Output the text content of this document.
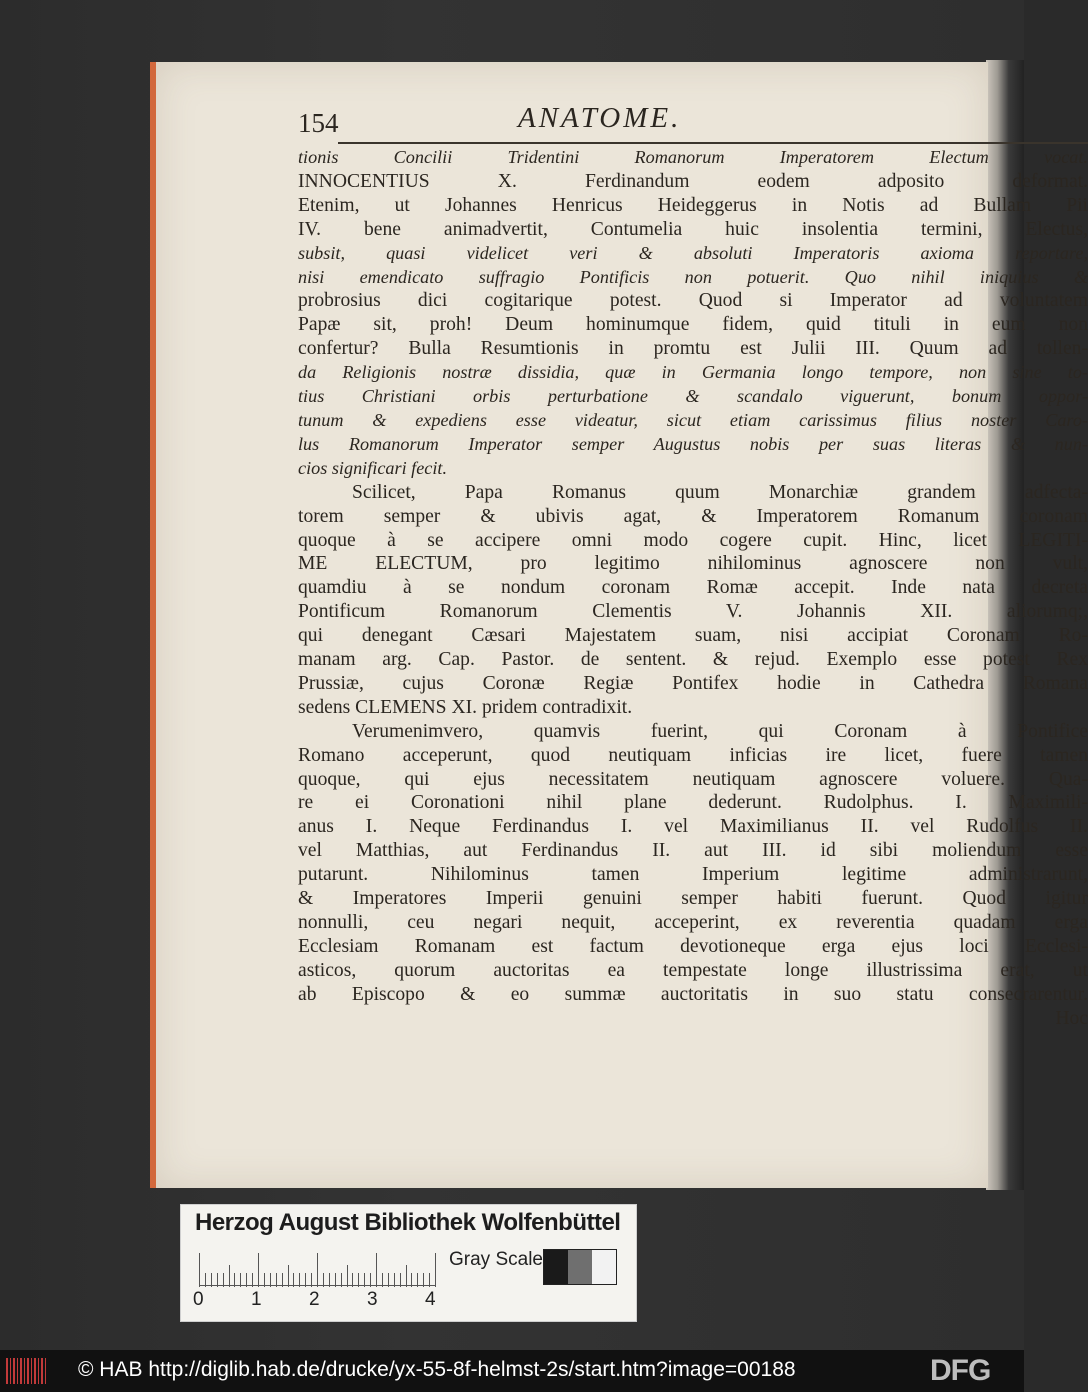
154	ANATOME.
tionis Concilii Tridentini Romanorum Imperatorem Electum vocat.
INNOCENTIUS X. Ferdinandum eodem adposito deformat.
Etenim, ut Johannes Henricus Heideggerus in Notis ad Bullam Pii
IV. bene animadvertit, Contumelia huic insolentia termini, Electus,
subsit, quasi videlicet veri & absoluti Imperatoris axioma reportare,
nisi emendicato suffragio Pontificis non potuerit. Quo nihil iniquius &
probrosius dici cogitarique potest. Quod si Imperator ad voluntatem
Papæ sit, proh! Deum hominumque fidem, quid tituli in eum non
confertur? Bulla Resumtionis in promtu est Julii III. Quum ad tollen-
da Religionis nostræ dissidia, quæ in Germania longo tempore, non sine to-
tius Christiani orbis perturbatione & scandalo viguerunt, bonum oppor-
tunum & expediens esse videatur, sicut etiam carissimus filius noster Caro-
lus Romanorum Imperator semper Augustus nobis per suas literas & nun-
cios significari fecit.
Scilicet, Papa Romanus quum Monarchiæ grandem adfecta-
torem semper & ubivis agat, & Imperatorem Romanum coronam
quoque à se accipere omni modo cogere cupit. Hinc, licet LEGITI-
ME ELECTUM, pro legitimo nihilominus agnoscere non vult,
quamdiu à se nondum coronam Romæ accepit. Inde nata decreta
Pontificum Romanorum Clementis V. Johannis XII. aliorumq;,
qui denegant Cæsari Majestatem suam, nisi accipiat Coronam Ro-
manam arg. Cap. Pastor. de sentent. & rejud. Exemplo esse potest Rex
Prussiæ, cujus Coronæ Regiæ Pontifex hodie in Cathedra Romana
sedens CLEMENS XI. pridem contradixit.
Verumenimvero, quamvis fuerint, qui Coronam à Pontifice
Romano acceperunt, quod neutiquam inficias ire licet, fuere tamen
quoque, qui ejus necessitatem neutiquam agnoscere voluere. Qua-
re ei Coronationi nihil plane dederunt. Rudolphus. I. Maximili-
anus I. Neque Ferdinandus I. vel Maximilianus II. vel Rudolfus II.
vel Matthias, aut Ferdinandus II. aut III. id sibi moliendum esse
putarunt. Nihilominus tamen Imperium legitime administrarunt,
& Imperatores Imperii genuini semper habiti fuerunt. Quod igitur
nonnulli, ceu negari nequit, acceperint, ex reverentia quadam erga
Ecclesiam Romanam est factum devotioneque erga ejus loci Ecclesi-
asticos, quorum auctoritas ea tempestate longe illustrissima erat, ut
ab Episcopo & eo summæ auctoritatis in suo statu consecrarentur.
Hoc
Herzog August Bibliothek Wolfenbüttel
0 1 2 3 4
Gray Scale
© HAB http://diglib.hab.de/drucke/yx-55-8f-helmst-2s/start.htm?image=00188	DFG
